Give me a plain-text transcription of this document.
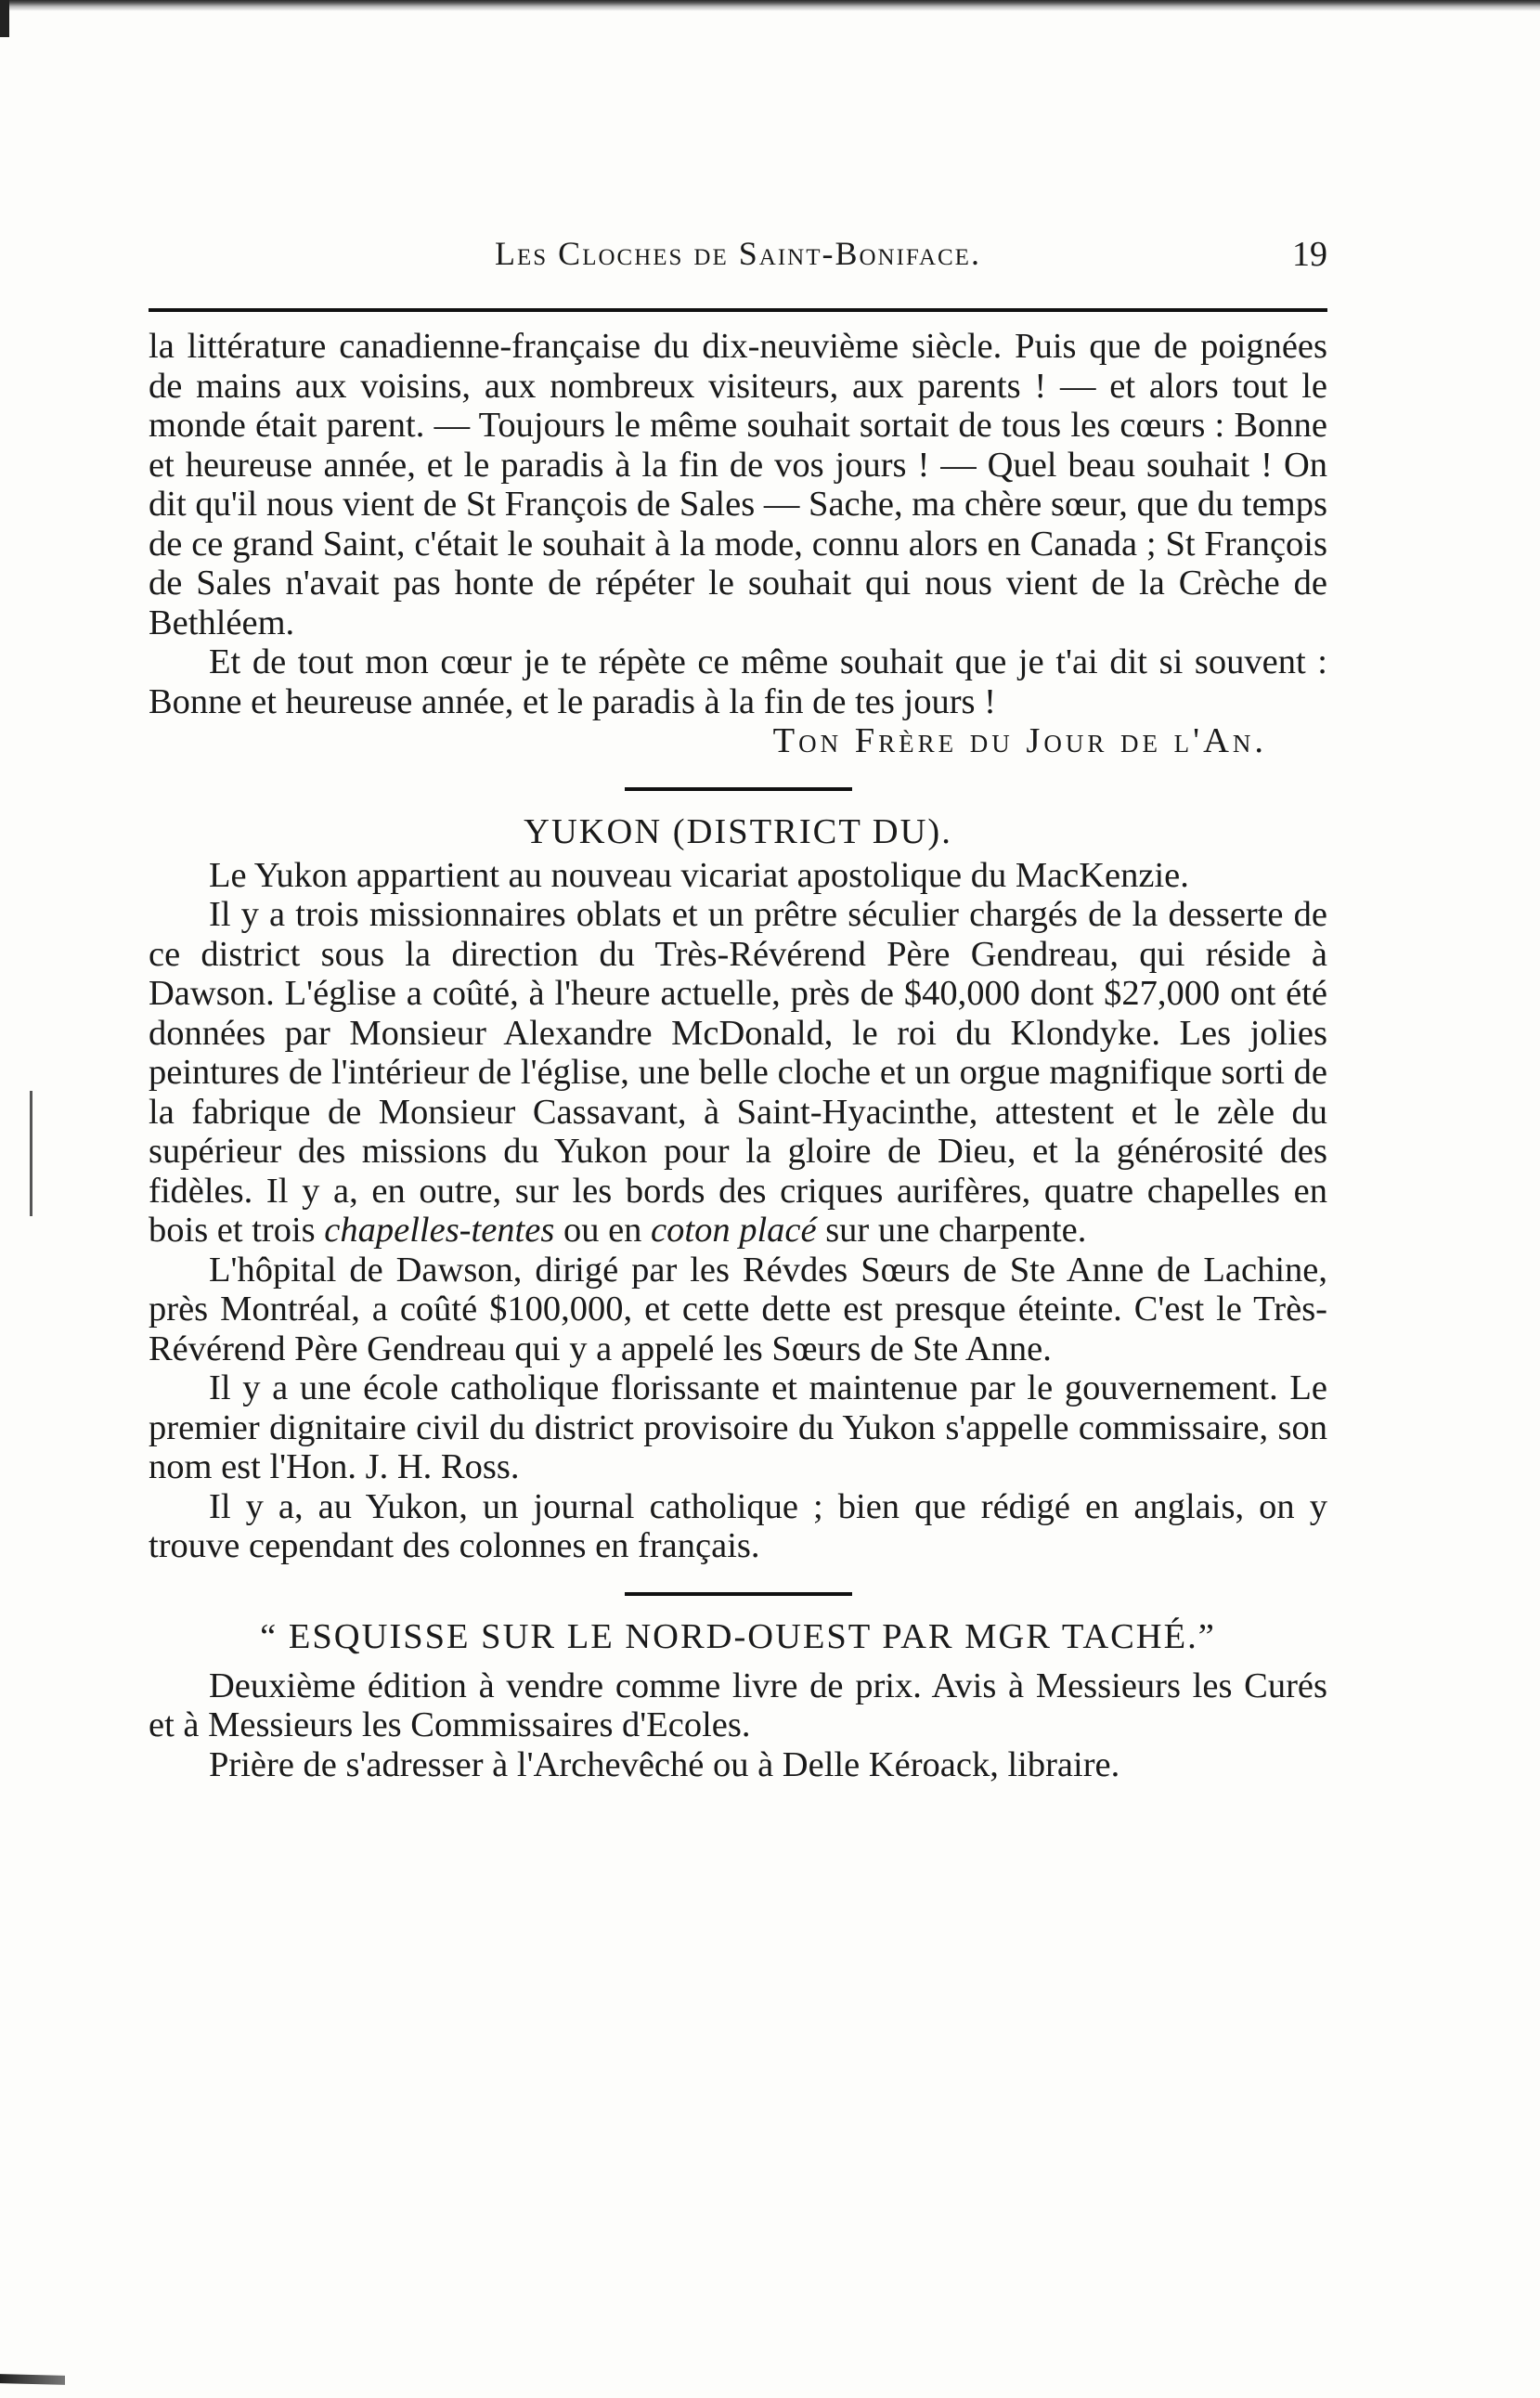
Les Cloches de Saint-Boniface.	19

la littérature canadienne-française du dix-neuvième siècle. Puis que de poignées de mains aux voisins, aux nombreux visiteurs, aux parents ! — et alors tout le monde était parent. — Toujours le même souhait sortait de tous les cœurs : Bonne et heureuse année, et le paradis à la fin de vos jours ! — Quel beau souhait ! On dit qu'il nous vient de St François de Sales — Sache, ma chère sœur, que du temps de ce grand Saint, c'était le souhait à la mode, connu alors en Canada ; St François de Sales n'avait pas honte de répéter le souhait qui nous vient de la Crèche de Bethléem.

Et de tout mon cœur je te répète ce même souhait que je t'ai dit si souvent : Bonne et heureuse année, et le paradis à la fin de tes jours !

Ton Frère du Jour de l'An.
YUKON (DISTRICT DU).

Le Yukon appartient au nouveau vicariat apostolique du MacKenzie.

Il y a trois missionnaires oblats et un prêtre séculier chargés de la desserte de ce district sous la direction du Très-Révérend Père Gendreau, qui réside à Dawson. L'église a coûté, à l'heure actuelle, près de $40,000 dont $27,000 ont été données par Monsieur Alexandre McDonald, le roi du Klondyke. Les jolies peintures de l'intérieur de l'église, une belle cloche et un orgue magnifique sorti de la fabrique de Monsieur Cassavant, à Saint-Hyacinthe, attestent et le zèle du supérieur des missions du Yukon pour la gloire de Dieu, et la générosité des fidèles. Il y a, en outre, sur les bords des criques aurifères, quatre chapelles en bois et trois chapelles-tentes ou en coton placé sur une charpente.

L'hôpital de Dawson, dirigé par les Révdes Sœurs de Ste Anne de Lachine, près Montréal, a coûté $100,000, et cette dette est presque éteinte. C'est le Très-Révérend Père Gendreau qui y a appelé les Sœurs de Ste Anne.

Il y a une école catholique florissante et maintenue par le gouvernement. Le premier dignitaire civil du district provisoire du Yukon s'appelle commissaire, son nom est l'Hon. J. H. Ross.

Il y a, au Yukon, un journal catholique ; bien que rédigé en anglais, on y trouve cependant des colonnes en français.

“ ESQUISSE SUR LE NORD-OUEST PAR MGR TACHÉ.”

Deuxième édition à vendre comme livre de prix. Avis à Messieurs les Curés et à Messieurs les Commissaires d'Ecoles.

Prière de s'adresser à l'Archevêché ou à Delle Kéroack, libraire.
